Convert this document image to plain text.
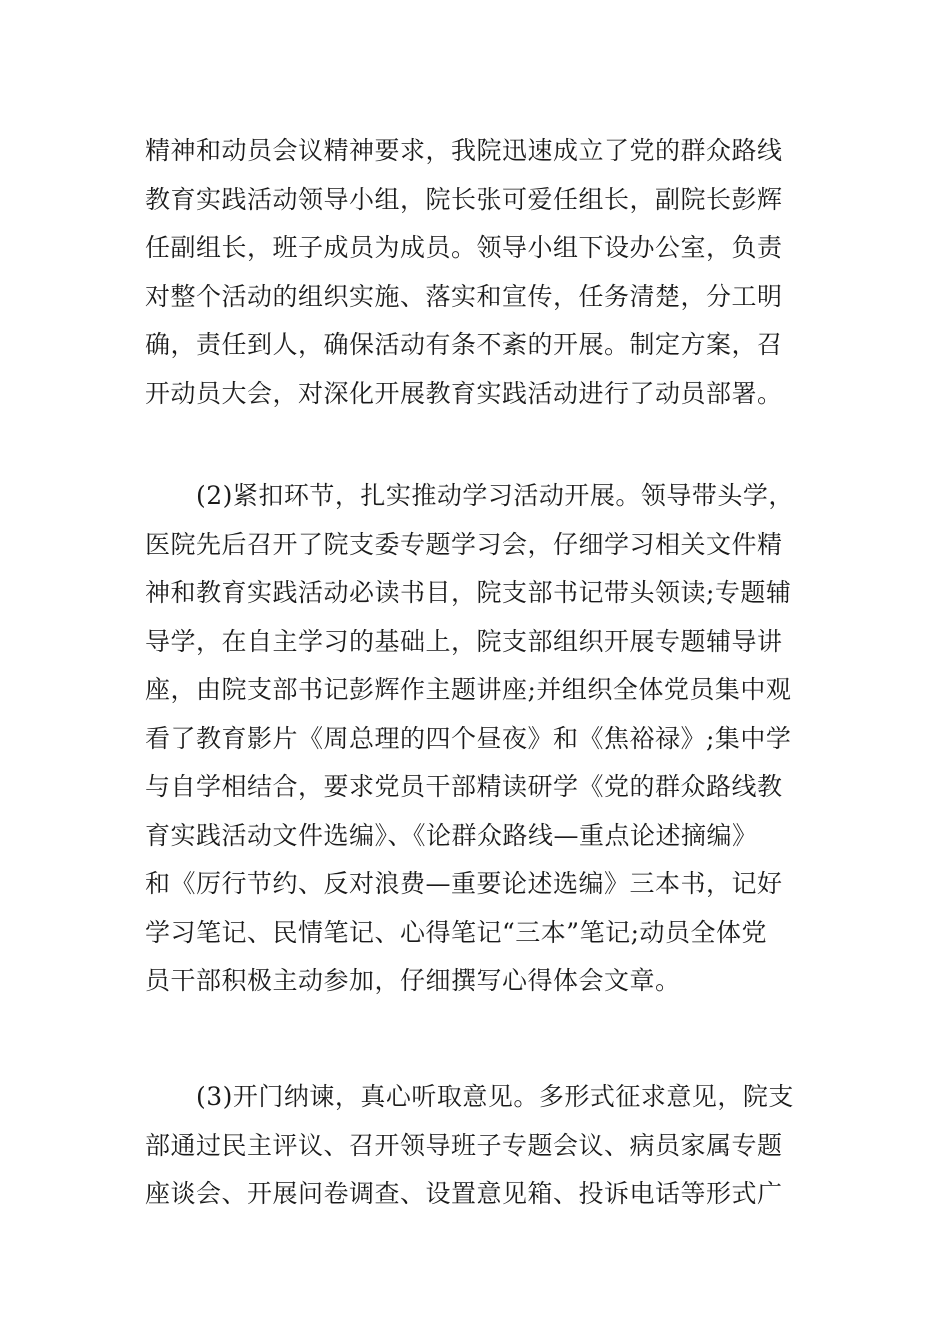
精神和动员会议精神要求，我院迅速成立了党的群众路线
教育实践活动领导小组，院长张可爱任组长，副院长彭辉
任副组长，班子成员为成员。领导小组下设办公室，负责
对整个活动的组织实施、落实和宣传，任务清楚，分工明
确，责任到人，确保活动有条不紊的开展。制定方案，召
开动员大会，对深化开展教育实践活动进行了动员部署。
　　(2)紧扣环节，扎实推动学习活动开展。领导带头学，
医院先后召开了院支委专题学习会，仔细学习相关文件精
神和教育实践活动必读书目，院支部书记带头领读;专题辅
导学，在自主学习的基础上，院支部组织开展专题辅导讲
座，由院支部书记彭辉作主题讲座;并组织全体党员集中观
看了教育影片《周总理的四个昼夜》和《焦裕禄》;集中学
与自学相结合，要求党员干部精读研学《党的群众路线教
育实践活动文件选编》、《论群众路线—重点论述摘编》
和《厉行节约、反对浪费—重要论述选编》三本书，记好
学习笔记、民情笔记、心得笔记“三本”笔记;动员全体党
员干部积极主动参加，仔细撰写心得体会文章。
　　(3)开门纳谏，真心听取意见。多形式征求意见，院支
部通过民主评议、召开领导班子专题会议、病员家属专题
座谈会、开展问卷调查、设置意见箱、投诉电话等形式广
